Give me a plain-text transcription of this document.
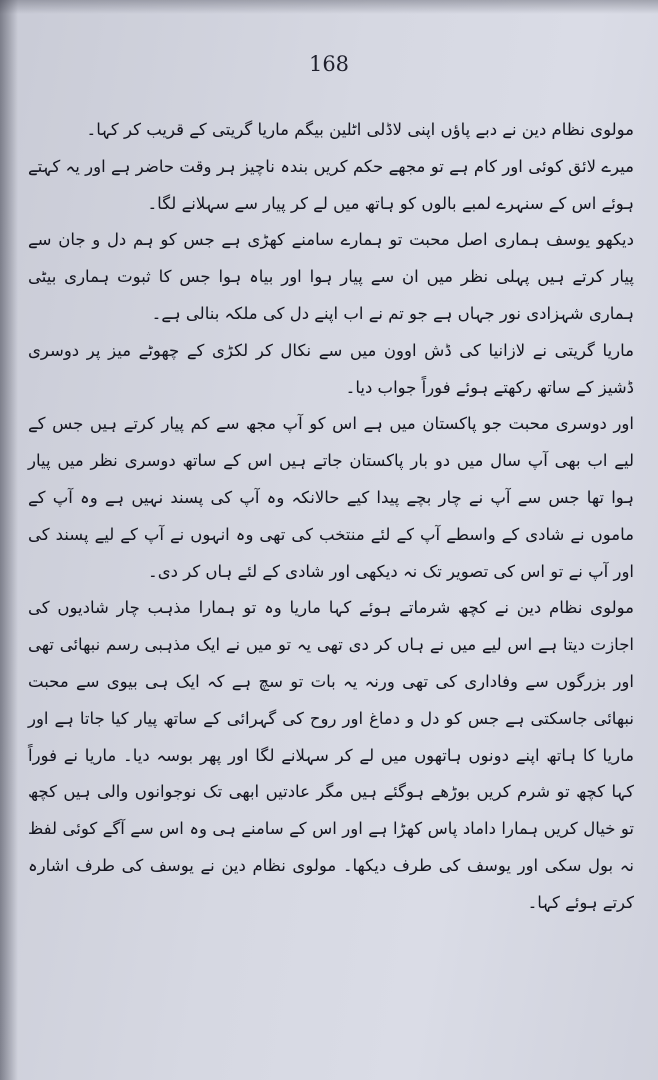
168

مولوی نظام دین نے دبے پاؤں اپنی لاڈلی اٹلین بیگم ماریا گریتی کے قریب کر کہا۔

میرے لائق کوئی اور کام ہے تو مجھے حکم کریں بندہ ناچیز ہر وقت حاضر ہے اور یہ کہتے ہوئے اس کے سنہرے لمبے بالوں کو ہاتھ میں لے کر پیار سے سہلانے لگا۔

دیکھو یوسف ہماری اصل محبت تو ہمارے سامنے کھڑی ہے جس کو ہم دل و جان سے پیار کرتے ہیں پہلی نظر میں ان سے پیار ہوا اور بیاہ ہوا جس کا ثبوت ہماری بیٹی ہماری شہزادی نور جہاں ہے جو تم نے اب اپنے دل کی ملکہ بنالی ہے۔

ماریا گریتی نے لازانیا کی ڈش اوون میں سے نکال کر لکڑی کے چھوٹے میز پر دوسری ڈشیز کے ساتھ رکھتے ہوئے فوراً جواب دیا۔

اور دوسری محبت جو پاکستان میں ہے اس کو آپ مجھ سے کم پیار کرتے ہیں جس کے لیے اب بھی آپ سال میں دو بار پاکستان جاتے ہیں اس کے ساتھ دوسری نظر میں پیار ہوا تھا جس سے آپ نے چار بچے پیدا کیے حالانکہ وہ آپ کی پسند نہیں ہے وہ آپ کے ماموں نے شادی کے واسطے آپ کے لئے منتخب کی تھی وہ انہوں نے آپ کے لیے پسند کی اور آپ نے تو اس کی تصویر تک نہ دیکھی اور شادی کے لئے ہاں کر دی۔

مولوی نظام دین نے کچھ شرماتے ہوئے کہا ماریا وہ تو ہمارا مذہب چار شادیوں کی اجازت دیتا ہے اس لیے میں نے ہاں کر دی تھی یہ تو میں نے ایک مذہبی رسم نبھائی تھی اور بزرگوں سے وفاداری کی تھی ورنہ یہ بات تو سچ ہے کہ ایک ہی بیوی سے محبت نبھائی جاسکتی ہے جس کو دل و دماغ اور روح کی گہرائی کے ساتھ پیار کیا جاتا ہے اور ماریا کا ہاتھ اپنے دونوں ہاتھوں میں لے کر سہلانے لگا اور پھر بوسہ دیا۔ ماریا نے فوراً کہا کچھ تو شرم کریں بوڑھے ہوگئے ہیں مگر عادتیں ابھی تک نوجوانوں والی ہیں کچھ تو خیال کریں ہمارا داماد پاس کھڑا ہے اور اس کے سامنے ہی وہ اس سے آگے کوئی لفظ نہ بول سکی اور یوسف کی طرف دیکھا۔ مولوی نظام دین نے یوسف کی طرف اشارہ کرتے ہوئے کہا۔
